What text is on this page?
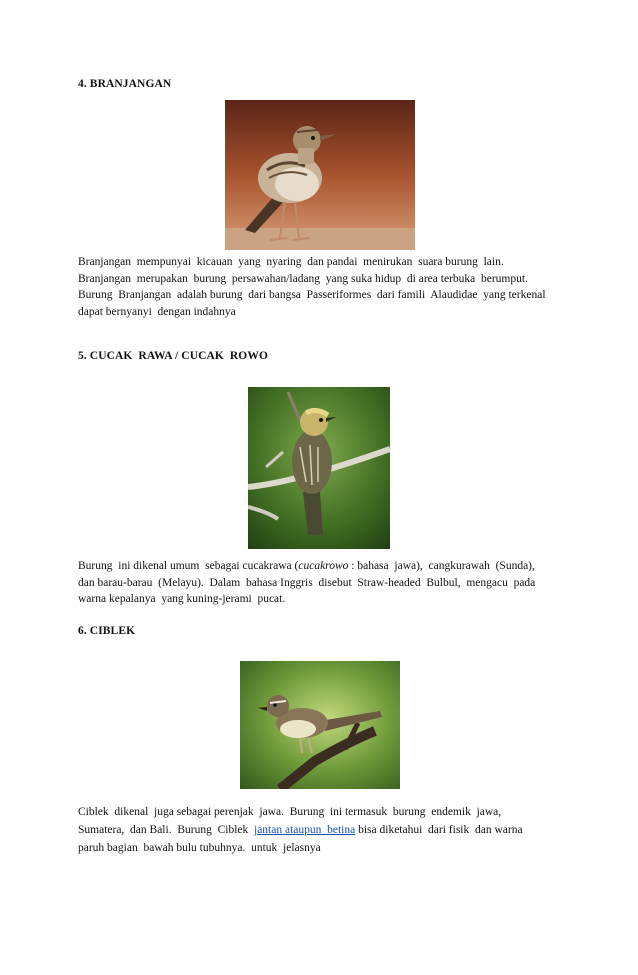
4. BRANJANGAN
Branjangan  mempunyai  kicauan  yang  nyaring  dan pandai  menirukan  suara burung  lain.
Branjangan  merupakan  burung  persawahan/ladang  yang suka hidup  di area terbuka  berumput.
Burung  Branjangan  adalah burung  dari bangsa  Passeriformes  dari famili  Alaudidae  yang terkenal
dapat bernyanyi  dengan indahnya
5. CUCAK  RAWA / CUCAK  ROWO
Burung  ini dikenal umum  sebagai cucakrawa (cucakrowo : bahasa  jawa),  cangkurawah  (Sunda),
dan barau-barau  (Melayu).  Dalam  bahasa Inggris  disebut  Straw-headed  Bulbul,  mengacu  pada
warna kepalanya  yang kuning-jerami  pucat.
6. CIBLEK
Ciblek  dikenal  juga sebagai perenjak  jawa.  Burung  ini termasuk  burung  endemik  jawa,
Sumatera,  dan Bali.  Burung  Ciblek  jantan ataupun  betina bisa diketahui  dari fisik  dan warna
paruh bagian  bawah bulu tubuhnya.  untuk  jelasnya
